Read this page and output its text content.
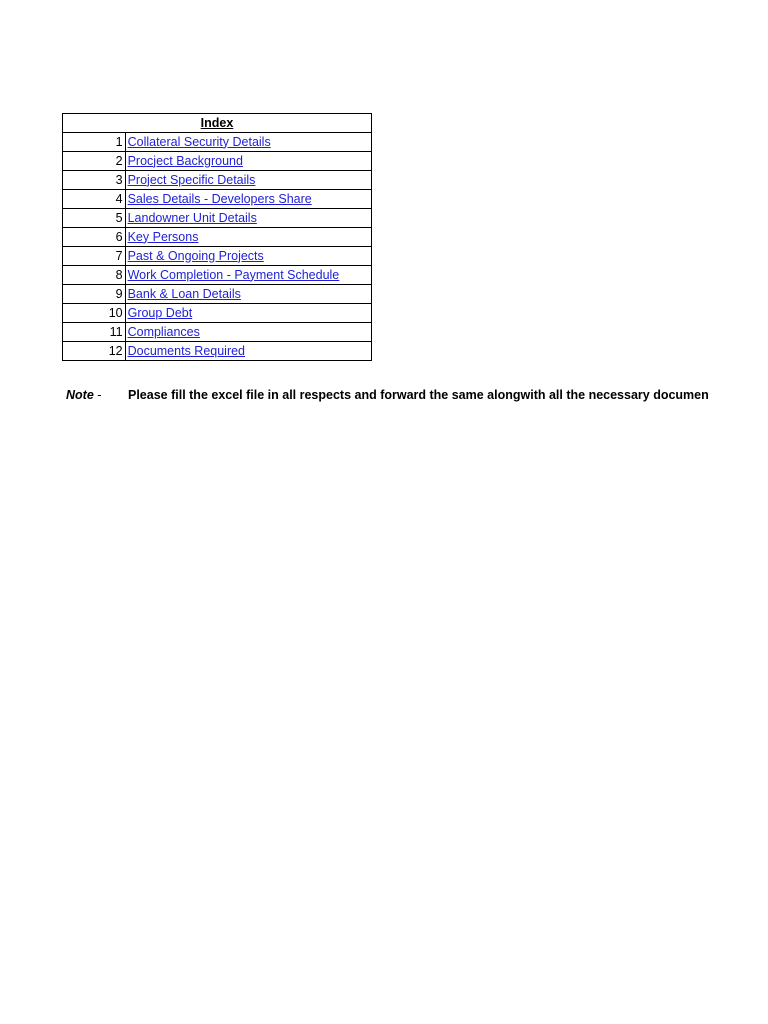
Index	
1	Collateral Security Details
2	Procject Background
3	Project Specific Details
4	Sales Details - Developers Share
5	Landowner Unit Details
6	Key Persons
7	Past & Ongoing Projects
8	Work Completion - Payment Schedule
9	Bank & Loan Details
10	Group Debt
11	Compliances
12	Documents Required
Note - Please fill the excel file in all respects and forward the same alongwith all the necessary documen
